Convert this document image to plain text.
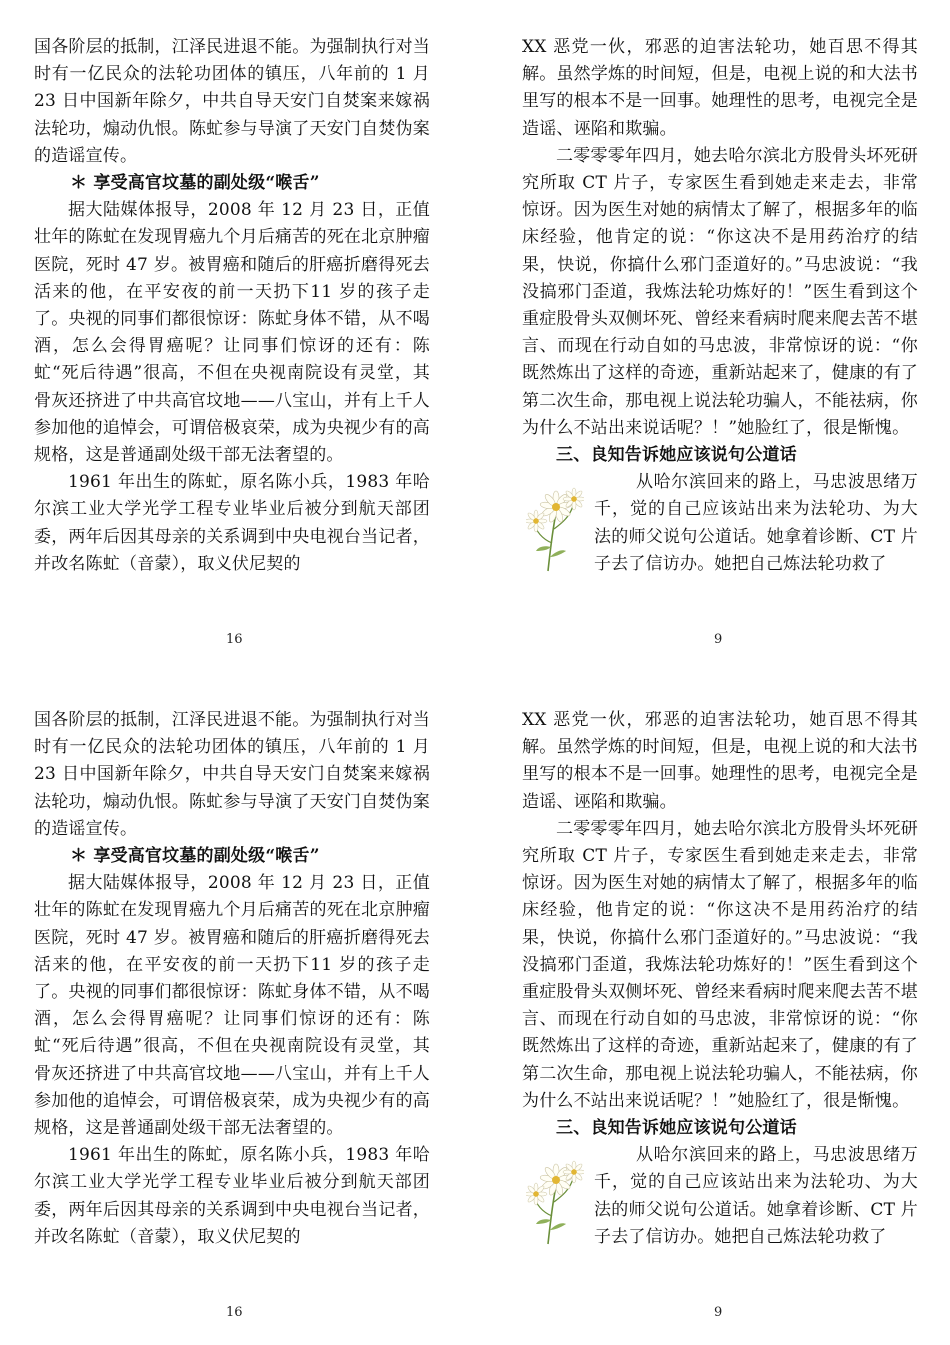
国各阶层的抵制，江泽民进退不能。为强制执行对当时有一亿民众的法轮功团体的镇压，八年前的 1 月 23 日中国新年除夕，中共自导天安门自焚案来嫁祸法轮功，煽动仇恨。陈虻参与导演了天安门自焚伪案的造谣宣传。

＊ 享受高官坟墓的副处级“喉舌”

据大陆媒体报导，2008 年 12 月 23 日，正值壮年的陈虻在发现胃癌九个月后痛苦的死在北京肿瘤医院，死时 47 岁。被胃癌和随后的肝癌折磨得死去活来的他，在平安夜的前一天扔下11 岁的孩子走了。央视的同事们都很惊讶：陈虻身体不错，从不喝酒，怎么会得胃癌呢？让同事们惊讶的还有：陈虻“死后待遇”很高，不但在央视南院设有灵堂，其骨灰还挤进了中共高官坟地——八宝山，并有上千人参加他的追悼会，可谓倍极哀荣，成为央视少有的高规格，这是普通副处级干部无法奢望的。

1961 年出生的陈虻，原名陈小兵，1983 年哈尔滨工业大学光学工程专业毕业后被分到航天部团委，两年后因其母亲的关系调到中央电视台当记者，并改名陈虻（音蒙），取义伏尼契的

16

XX 恶党一伙，邪恶的迫害法轮功，她百思不得其解。虽然学炼的时间短，但是，电视上说的和大法书里写的根本不是一回事。她理性的思考，电视完全是造谣、诬陷和欺骗。

二零零零年四月，她去哈尔滨北方股骨头坏死研究所取 CT 片子，专家医生看到她走来走去，非常惊讶。因为医生对她的病情太了解了，根据多年的临床经验，他肯定的说：“你这决不是用药治疗的结果，快说，你搞什么邪门歪道好的。”马忠波说：“我没搞邪门歪道，我炼法轮功炼好的！”医生看到这个重症股骨头双侧坏死、曾经来看病时爬来爬去苦不堪言、而现在行动自如的马忠波，非常惊讶的说：“你既然炼出了这样的奇迹，重新站起来了，健康的有了第二次生命，那电视上说法轮功骗人，不能祛病，你为什么不站出来说话呢？！”她脸红了，很是惭愧。

三、良知告诉她应该说句公道话

从哈尔滨回来的路上，马忠波思绪万千，觉的自己应该站出来为法轮功、为大法的师父说句公道话。她拿着诊断、CT 片子去了信访办。她把自己炼法轮功救了

9

国各阶层的抵制，江泽民进退不能。为强制执行对当时有一亿民众的法轮功团体的镇压，八年前的 1 月 23 日中国新年除夕，中共自导天安门自焚案来嫁祸法轮功，煽动仇恨。陈虻参与导演了天安门自焚伪案的造谣宣传。

＊ 享受高官坟墓的副处级“喉舌”

据大陆媒体报导，2008 年 12 月 23 日，正值壮年的陈虻在发现胃癌九个月后痛苦的死在北京肿瘤医院，死时 47 岁。被胃癌和随后的肝癌折磨得死去活来的他，在平安夜的前一天扔下11 岁的孩子走了。央视的同事们都很惊讶：陈虻身体不错，从不喝酒，怎么会得胃癌呢？让同事们惊讶的还有：陈虻“死后待遇”很高，不但在央视南院设有灵堂，其骨灰还挤进了中共高官坟地——八宝山，并有上千人参加他的追悼会，可谓倍极哀荣，成为央视少有的高规格，这是普通副处级干部无法奢望的。

1961 年出生的陈虻，原名陈小兵，1983 年哈尔滨工业大学光学工程专业毕业后被分到航天部团委，两年后因其母亲的关系调到中央电视台当记者，并改名陈虻（音蒙），取义伏尼契的

16

XX 恶党一伙，邪恶的迫害法轮功，她百思不得其解。虽然学炼的时间短，但是，电视上说的和大法书里写的根本不是一回事。她理性的思考，电视完全是造谣、诬陷和欺骗。

二零零零年四月，她去哈尔滨北方股骨头坏死研究所取 CT 片子，专家医生看到她走来走去，非常惊讶。因为医生对她的病情太了解了，根据多年的临床经验，他肯定的说：“你这决不是用药治疗的结果，快说，你搞什么邪门歪道好的。”马忠波说：“我没搞邪门歪道，我炼法轮功炼好的！”医生看到这个重症股骨头双侧坏死、曾经来看病时爬来爬去苦不堪言、而现在行动自如的马忠波，非常惊讶的说：“你既然炼出了这样的奇迹，重新站起来了，健康的有了第二次生命，那电视上说法轮功骗人，不能祛病，你为什么不站出来说话呢？！”她脸红了，很是惭愧。

三、良知告诉她应该说句公道话

从哈尔滨回来的路上，马忠波思绪万千，觉的自己应该站出来为法轮功、为大法的师父说句公道话。她拿着诊断、CT 片子去了信访办。她把自己炼法轮功救了

9
